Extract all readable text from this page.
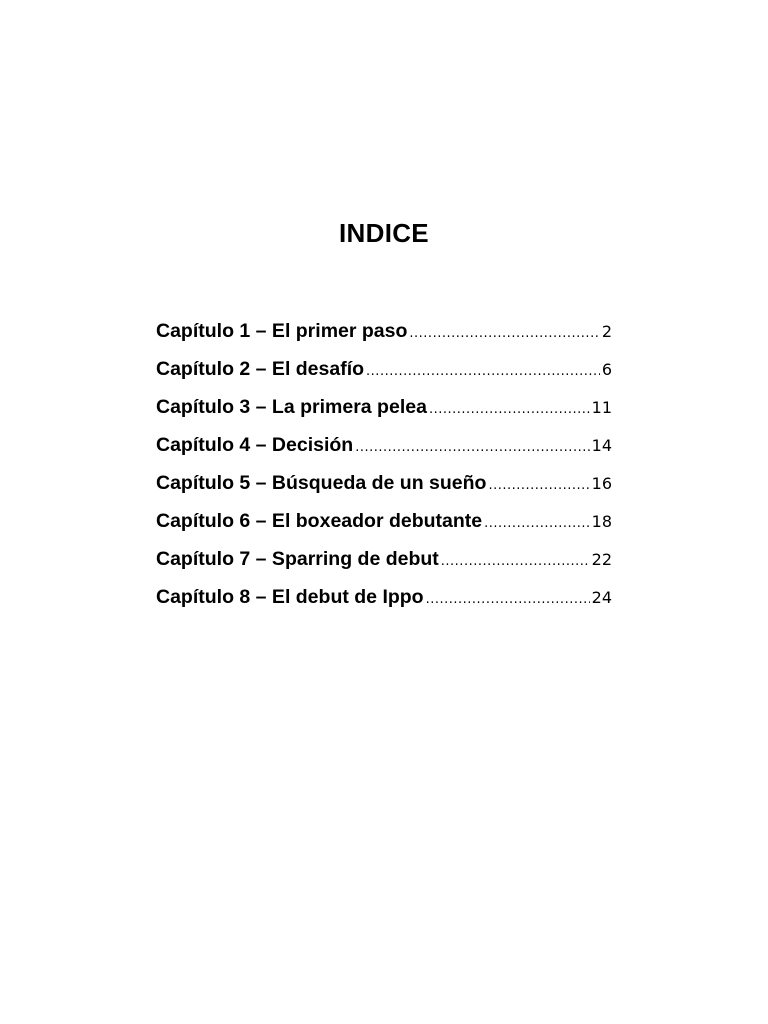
INDICE
Capítulo 1 – El primer paso .....	2
Capítulo 2 – El desafío .....	6
Capítulo 3 – La primera pelea .....	11
Capítulo 4 – Decisión .....	14
Capítulo 5 – Búsqueda de un sueño .....	16
Capítulo 6 – El boxeador debutante .....	18
Capítulo 7 – Sparring de debut .....	22
Capítulo 8 – El debut de Ippo .....	24
